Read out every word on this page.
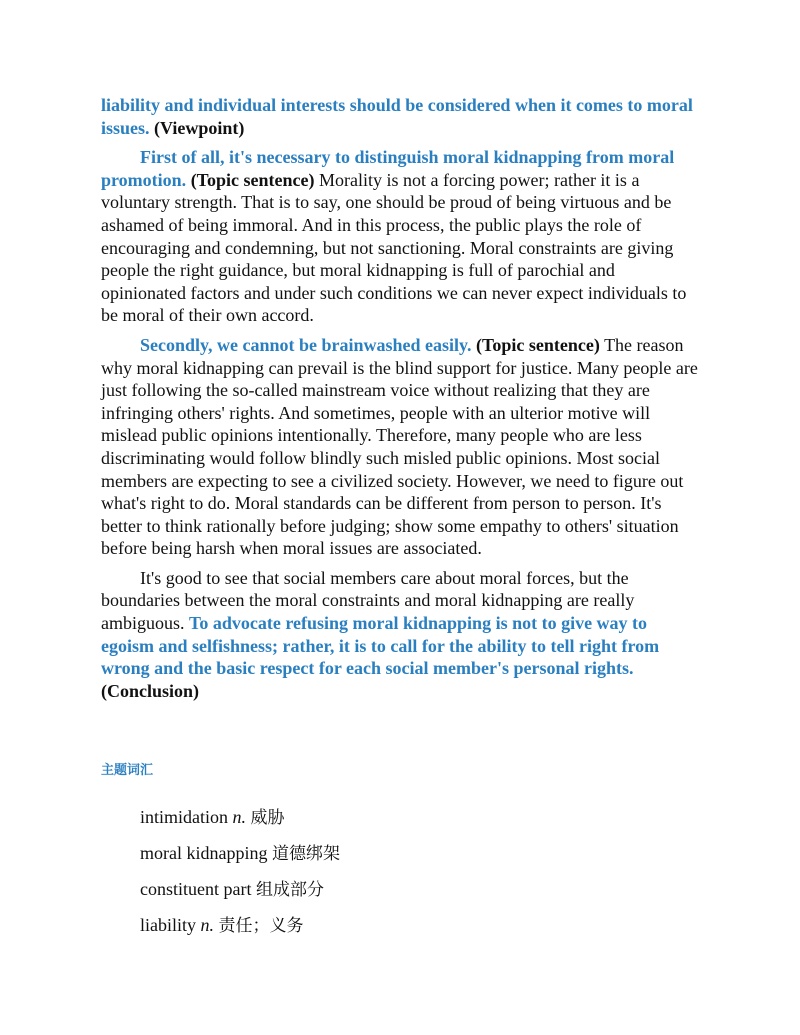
liability and individual interests should be considered when it comes to moral issues. (Viewpoint)

First of all, it's necessary to distinguish moral kidnapping from moral promotion. (Topic sentence) Morality is not a forcing power; rather it is a voluntary strength. That is to say, one should be proud of being virtuous and be ashamed of being immoral. And in this process, the public plays the role of encouraging and condemning, but not sanctioning. Moral constraints are giving people the right guidance, but moral kidnapping is full of parochial and opinionated factors and under such conditions we can never expect individuals to be moral of their own accord.

Secondly, we cannot be brainwashed easily. (Topic sentence) The reason why moral kidnapping can prevail is the blind support for justice. Many people are just following the so-called mainstream voice without realizing that they are infringing others' rights. And sometimes, people with an ulterior motive will mislead public opinions intentionally. Therefore, many people who are less discriminating would follow blindly such misled public opinions. Most social members are expecting to see a civilized society. However, we need to figure out what's right to do. Moral standards can be different from person to person. It's better to think rationally before judging; show some empathy to others' situation before being harsh when moral issues are associated.

It's good to see that social members care about moral forces, but the boundaries between the moral constraints and moral kidnapping are really ambiguous. To advocate refusing moral kidnapping is not to give way to egoism and selfishness; rather, it is to call for the ability to tell right from wrong and the basic respect for each social member's personal rights. (Conclusion)

主题词汇
intimidation n. 威胁
moral kidnapping 道德绑架
constituent part 组成部分
liability n. 责任；义务
